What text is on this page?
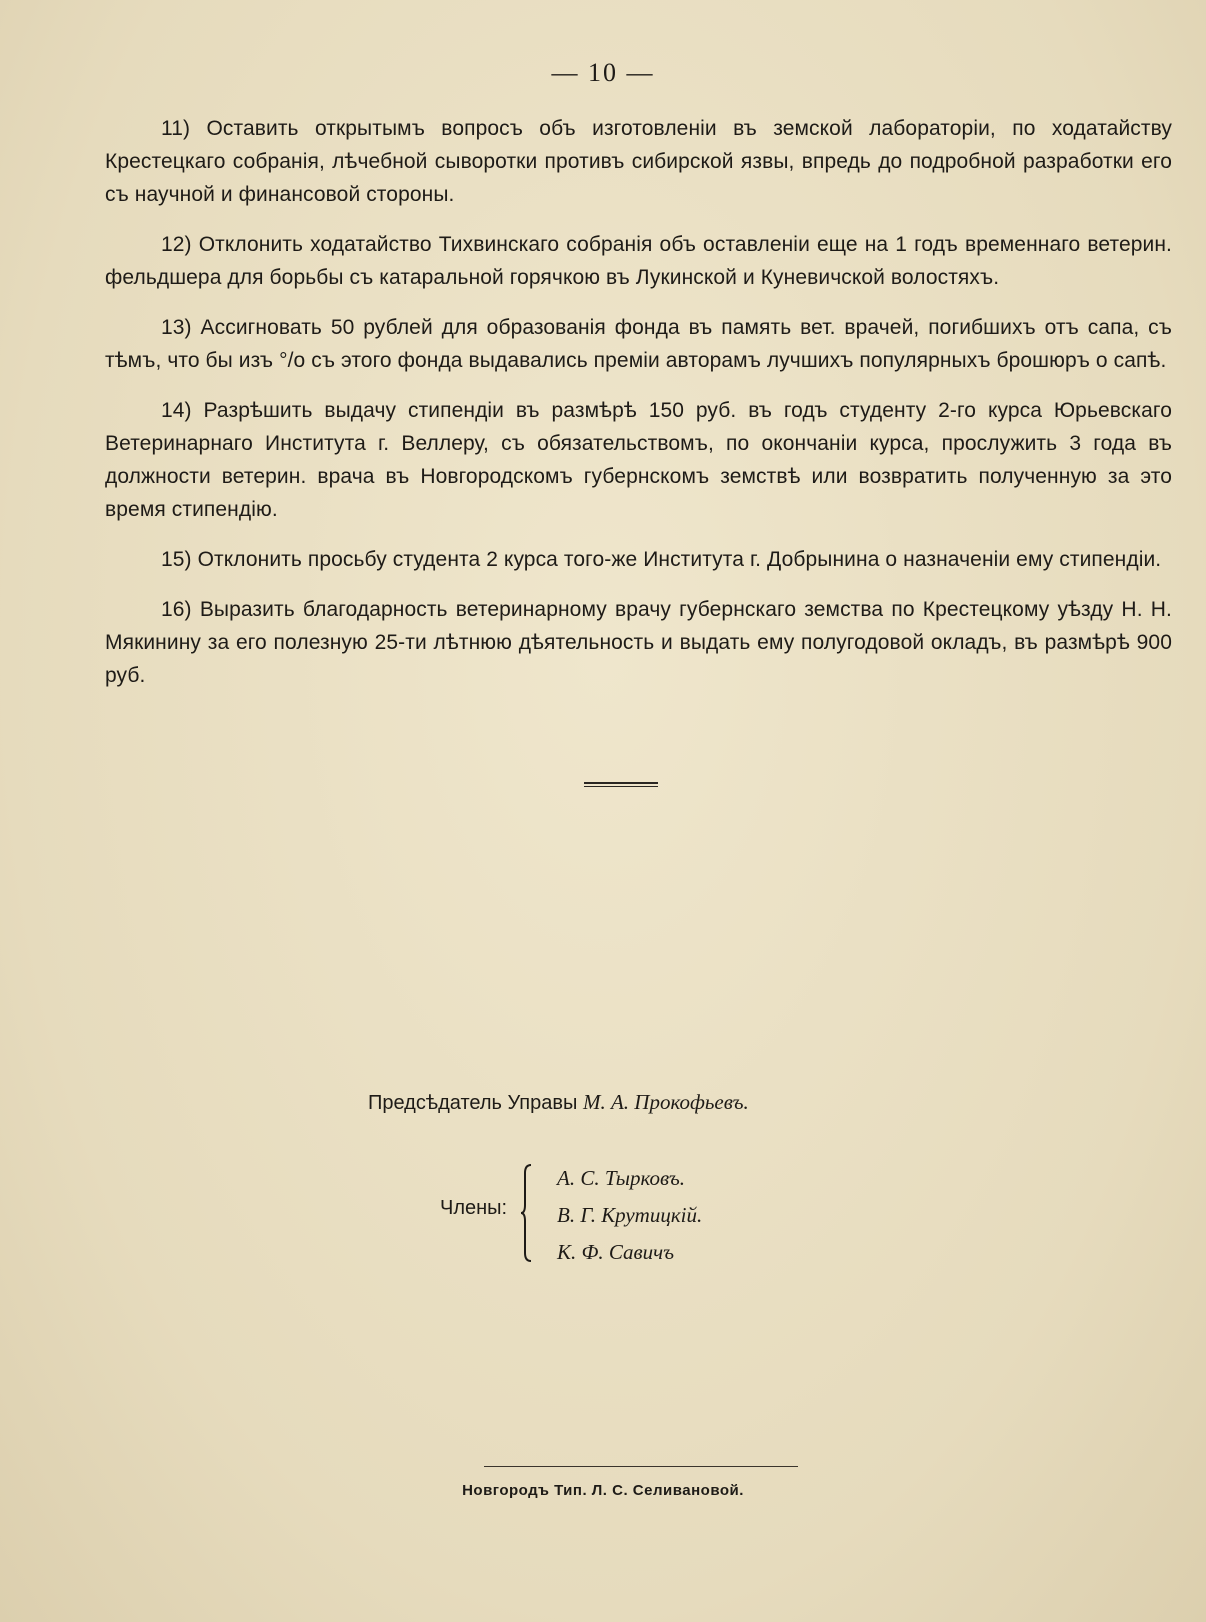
— 10 —

11) Оставить открытымъ вопросъ объ изготовленіи въ земской лабораторіи, по ходатайству Крестецкаго собранія, лѣчебной сыворотки противъ сибирской язвы, впредь до подробной разработки его съ научной и финансовой стороны.

12) Отклонить ходатайство Тихвинскаго собранія объ оставленіи еще на 1 годъ временнаго ветерин. фельдшера для борьбы съ катаральной горячкою въ Лукинской и Куневичской волостяхъ.

13) Ассигновать 50 рублей для образованія фонда въ память вет. врачей, погибшихъ отъ сапа, съ тѣмъ, что бы изъ °/о съ этого фонда выдавались преміи авторамъ лучшихъ популярныхъ брошюръ о сапѣ.

14) Разрѣшить выдачу стипендіи въ размѣрѣ 150 руб. въ годъ студенту 2-го курса Юрьевскаго Ветеринарнаго Института г. Веллеру, съ обязательствомъ, по окончаніи курса, прослужить 3 года въ должности ветерин. врача въ Новгородскомъ губернскомъ земствѣ или возвратить полученную за это время стипендію.

15) Отклонить просьбу студента 2 курса того-же Института г. Добрынина о назначеніи ему стипендіи.

16) Выразить благодарность ветеринарному врачу губернскаго земства по Крестецкому уѣзду Н. Н. Мякинину за его полезную 25-ти лѣтнюю дѣятельность и выдать ему полугодовой окладъ, въ размѣрѣ 900 руб.

Предсѣдатель Управы М. А. Прокофьевъ.
Члены:
А. С. Тырковъ.
В. Г. Крутицкій.
К. Ф. Савичъ
Новгородъ Тип. Л. С. Селивановой.
